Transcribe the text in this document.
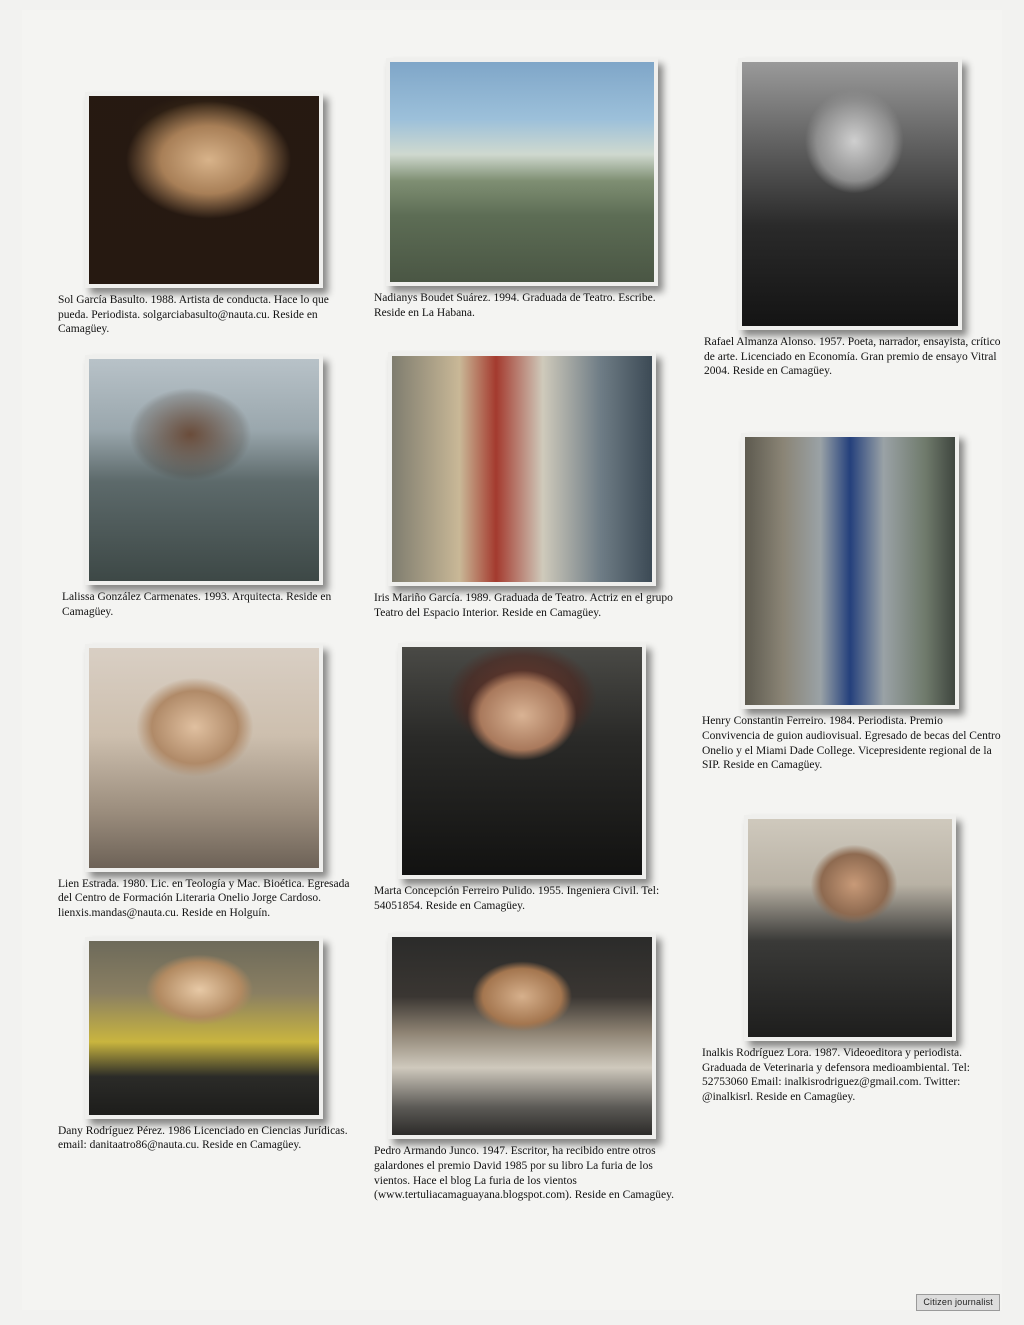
Sol García Basulto. 1988. Artista de conducta. Hace lo que pueda. Periodista. solgarciabasulto@nauta.cu. Reside en Camagüey.
Lalissa González Carmenates. 1993. Arquitecta. Reside en Camagüey.
Lien Estrada. 1980. Lic. en Teología y Mac. Bioética. Egresada del Centro de Formación Literaria Onelio Jorge Cardoso. lienxis.mandas@nauta.cu. Reside en Holguín.
Dany Rodríguez Pérez. 1986 Licenciado en Ciencias Jurídicas. email: danitaatro86@nauta.cu. Reside en Camagüey.
Nadianys Boudet Suárez. 1994. Graduada de Teatro. Escribe. Reside en La Habana.
Iris Mariño García. 1989. Graduada de Teatro. Actriz en el grupo Teatro del Espacio Interior. Reside en Camagüey.
Marta Concepción Ferreiro Pulido. 1955. Ingeniera Civil. Tel: 54051854. Reside en Camagüey.
Pedro Armando Junco. 1947. Escritor, ha recibido entre otros galardones el premio David 1985 por su libro La furia de los vientos. Hace el blog La furia de los vientos (www.tertuliacamaguayana.blogspot.com). Reside en Camagüey.
Rafael Almanza Alonso. 1957. Poeta, narrador, ensayista, crítico de arte. Licenciado en Economía. Gran premio de ensayo Vitral 2004. Reside en Camagüey.
Henry Constantin Ferreiro. 1984. Periodista. Premio Convivencia de guion audiovisual. Egresado de becas del Centro Onelio y el Miami Dade College. Vicepresidente regional de la SIP. Reside en Camagüey.
Inalkis Rodríguez Lora. 1987. Videoeditora y periodista. Graduada de Veterinaria y defensora medioambiental. Tel: 52753060 Email: inalkisrodriguez@gmail.com. Twitter: @inalkisrl. Reside en Camagüey.
Citizen journalist
